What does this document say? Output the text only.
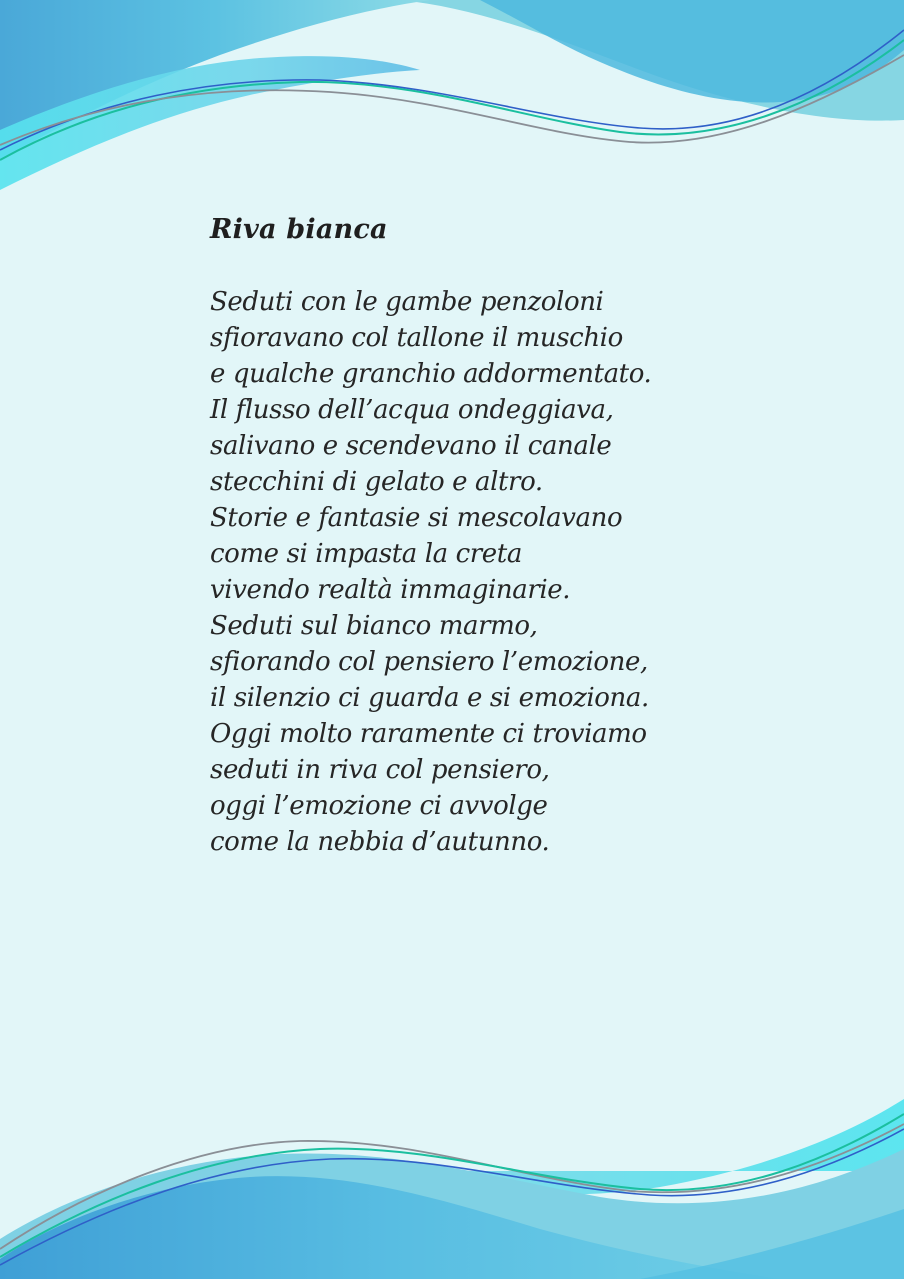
Riva bianca
Seduti con le gambe penzoloni
sfioravano col tallone il muschio
e qualche granchio addormentato.
Il flusso dell’acqua ondeggiava,
salivano e scendevano il canale
stecchini di gelato e altro.
Storie e fantasie si mescolavano
come si impasta la creta
vivendo realtà immaginarie.
Seduti sul bianco marmo,
sfiorando col pensiero l’emozione,
il silenzio ci guarda e si emoziona.
Oggi molto raramente ci troviamo
seduti in riva col pensiero,
oggi l’emozione ci avvolge
come la nebbia d’autunno.
